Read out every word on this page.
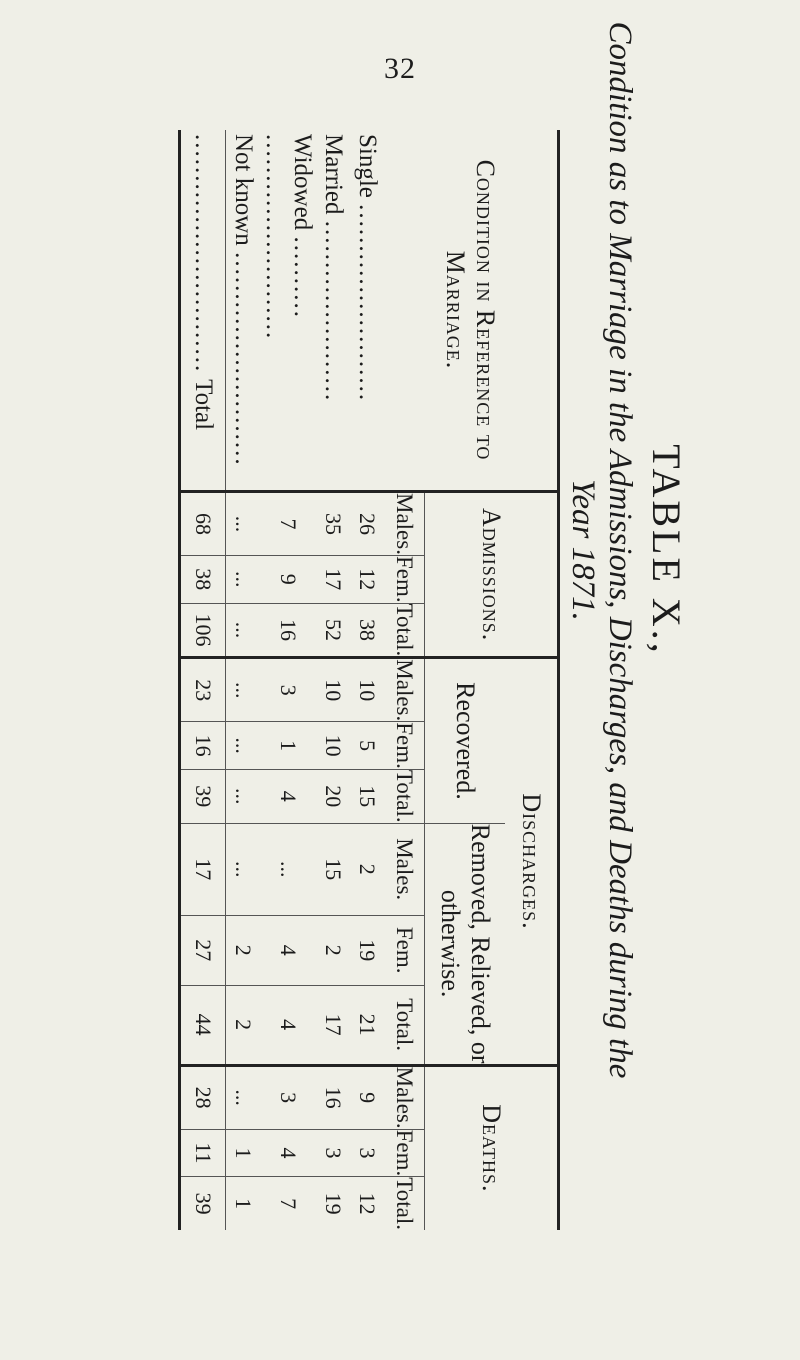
32
TABLE X.,
Condition as to Marriage in the Admissions, Discharges, and Deaths during the Year 1871.
Condition in Reference to Marriage.	Admissions.			Discharges.						Deaths.		
				Recovered.			Removed, Relieved, or otherwise.					
	Males.	Fem.	Total.	Males.	Fem.	Total.	Males.	Fem.	Total.	Males.	Fem.	Total.
Single ........................	26	12	38	10	5	15	2	19	21	9	3	12
Married ......................	35	17	52	10	10	20	15	2	17	16	3	19
Widowed .......... .........................	7	9	16	3	1	4	...	4	4	3	4	7
Not known ..........................	...	...	...	...	...	...	...	2	2	...	1	1
............................. Total	68	38	106	23	16	39	17	27	44	28	11	39
